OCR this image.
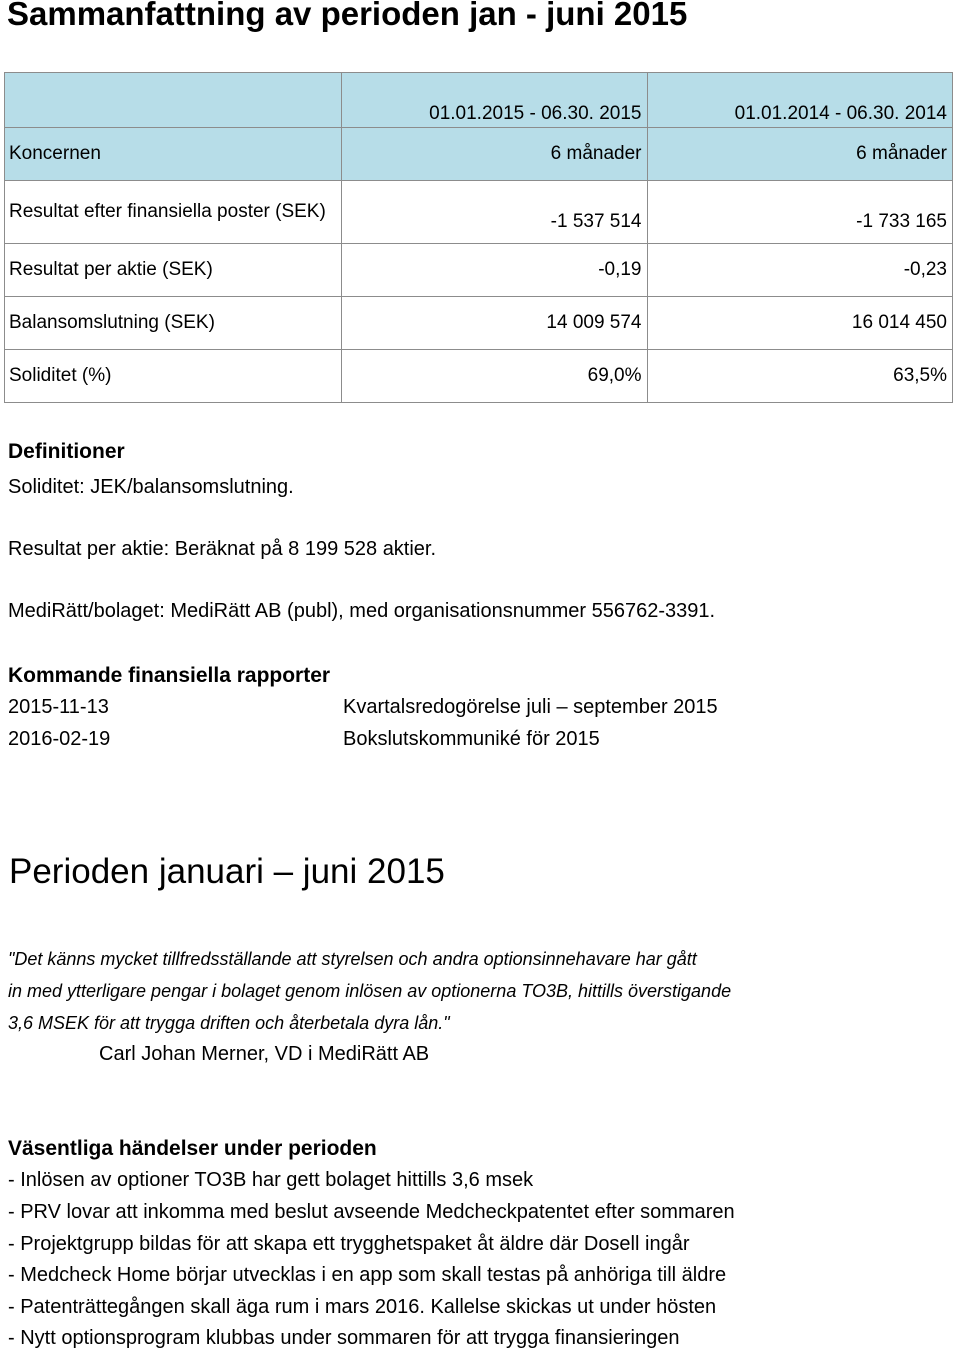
Sammanfattning av perioden jan - juni 2015
	01.01.2015 - 06.30. 2015	01.01.2014 - 06.30. 2014
Koncernen	6 månader	6 månader
Resultat efter finansiella poster (SEK)	-1 537 514	-1 733 165
Resultat per aktie (SEK)	-0,19	-0,23
Balansomslutning (SEK)	14 009 574	16 014 450
Soliditet (%)	69,0%	63,5%
Definitioner
Soliditet: JEK/balansomslutning.
Resultat per aktie: Beräknat på 8 199 528 aktier.
MediRätt/bolaget: MediRätt AB (publ), med organisationsnummer 556762-3391.
Kommande finansiella rapporter
2015-11-13	Kvartalsredogörelse juli – september 2015
2016-02-19	Bokslutskommuniké för 2015
Perioden januari – juni 2015
"Det känns mycket tillfredsställande att styrelsen och andra optionsinnehavare har gått
in med ytterligare pengar i bolaget genom inlösen av optionerna TO3B, hittills överstigande
3,6 MSEK för att trygga driften och återbetala dyra lån."
Carl Johan Merner, VD i MediRätt AB
Väsentliga händelser under perioden
- Inlösen av optioner TO3B har gett bolaget hittills 3,6 msek
- PRV lovar att inkomma med beslut avseende Medcheckpatentet efter sommaren
- Projektgrupp bildas för att skapa ett trygghetspaket åt äldre där Dosell ingår
- Medcheck Home börjar utvecklas i en app som skall testas på anhöriga till äldre
- Patenträttegången skall äga rum i mars 2016. Kallelse skickas ut under hösten
- Nytt optionsprogram klubbas under sommaren för att trygga finansieringen
